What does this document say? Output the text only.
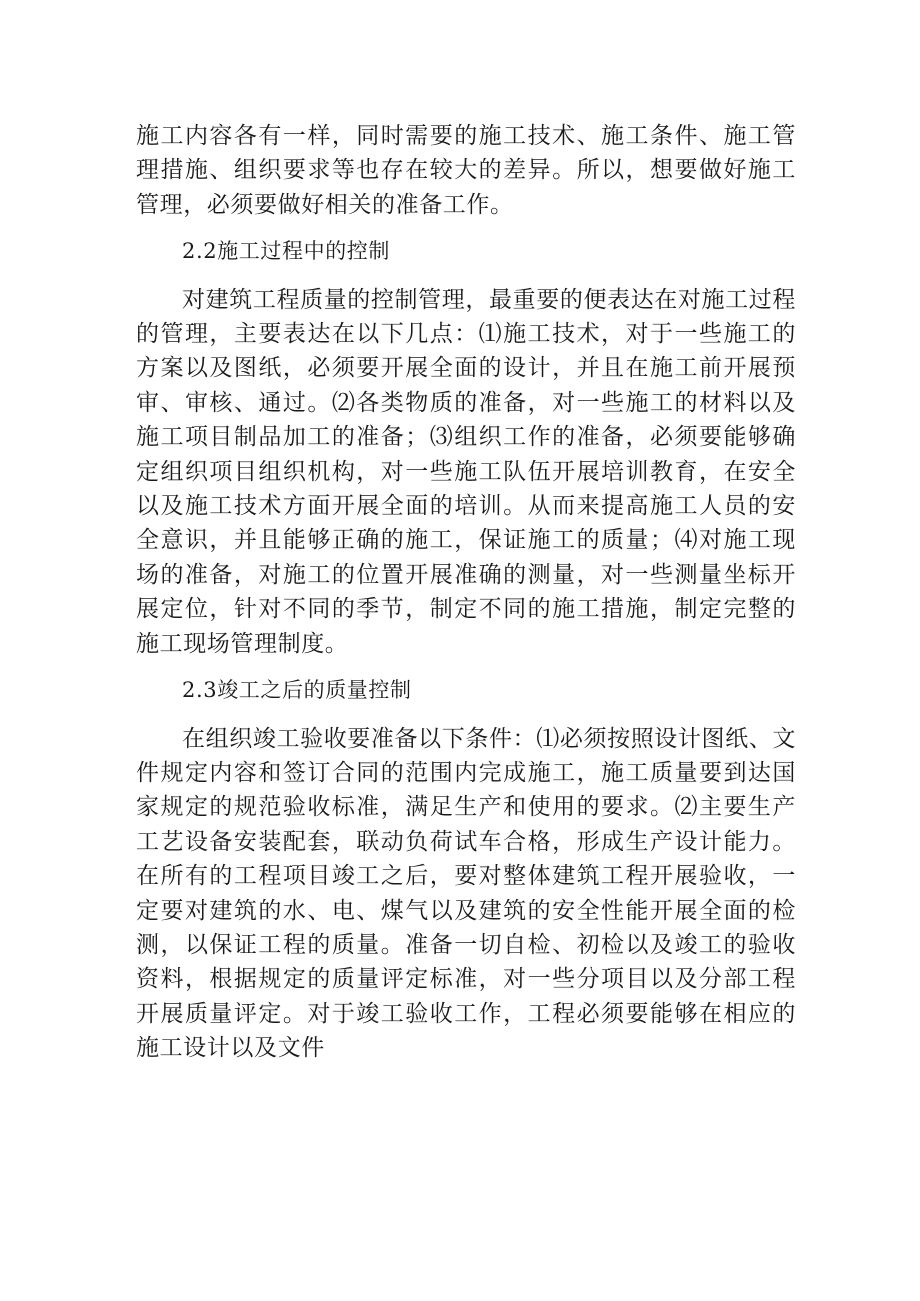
施工内容各有一样，同时需要的施工技术、施工条件、施工管理措施、组织要求等也存在较大的差异。所以，想要做好施工管理，必须要做好相关的准备工作。

2.2施工过程中的控制

对建筑工程质量的控制管理，最重要的便表达在对施工过程的管理，主要表达在以下几点：⑴施工技术，对于一些施工的方案以及图纸，必须要开展全面的设计，并且在施工前开展预审、审核、通过。⑵各类物质的准备，对一些施工的材料以及施工项目制品加工的准备；⑶组织工作的准备，必须要能够确定组织项目组织机构，对一些施工队伍开展培训教育，在安全以及施工技术方面开展全面的培训。从而来提高施工人员的安全意识，并且能够正确的施工，保证施工的质量；⑷对施工现场的准备，对施工的位置开展准确的测量，对一些测量坐标开展定位，针对不同的季节，制定不同的施工措施，制定完整的施工现场管理制度。

2.3竣工之后的质量控制

在组织竣工验收要准备以下条件：⑴必须按照设计图纸、文件规定内容和签订合同的范围内完成施工，施工质量要到达国家规定的规范验收标准，满足生产和使用的要求。⑵主要生产工艺设备安装配套，联动负荷试车合格，形成生产设计能力。在所有的工程项目竣工之后，要对整体建筑工程开展验收，一定要对建筑的水、电、煤气以及建筑的安全性能开展全面的检测，以保证工程的质量。准备一切自检、初检以及竣工的验收资料，根据规定的质量评定标准，对一些分项目以及分部工程开展质量评定。对于竣工验收工作，工程必须要能够在相应的施工设计以及文件
